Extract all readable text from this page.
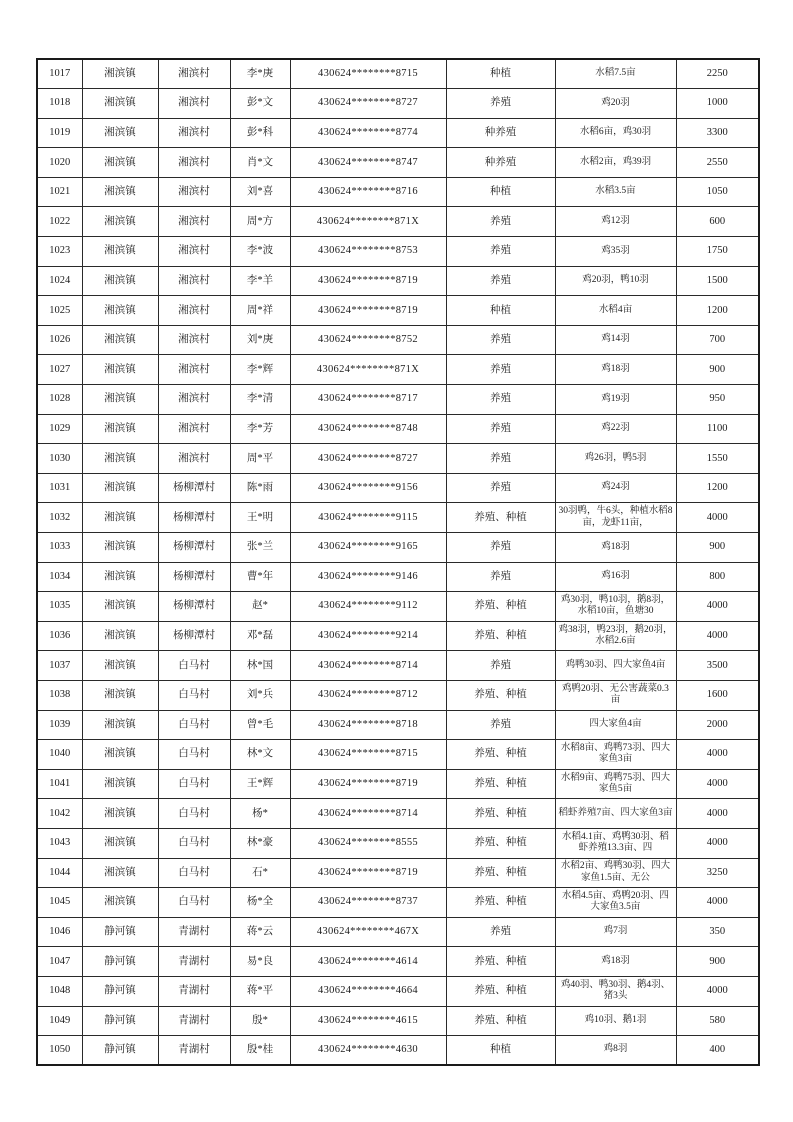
1017	湘滨镇	湘滨村	李*庚	430624********8715	种植	水稻7.5亩	2250
1018	湘滨镇	湘滨村	彭*文	430624********8727	养殖	鸡20羽	1000
1019	湘滨镇	湘滨村	彭*科	430624********8774	种养殖	水稻6亩，鸡30羽	3300
1020	湘滨镇	湘滨村	肖*文	430624********8747	种养殖	水稻2亩，鸡39羽	2550
1021	湘滨镇	湘滨村	刘*喜	430624********8716	种植	水稻3.5亩	1050
1022	湘滨镇	湘滨村	周*方	430624********871X	养殖	鸡12羽	600
1023	湘滨镇	湘滨村	李*波	430624********8753	养殖	鸡35羽	1750
1024	湘滨镇	湘滨村	李*羊	430624********8719	养殖	鸡20羽，鸭10羽	1500
1025	湘滨镇	湘滨村	周*祥	430624********8719	种植	水稻4亩	1200
1026	湘滨镇	湘滨村	刘*庚	430624********8752	养殖	鸡14羽	700
1027	湘滨镇	湘滨村	李*辉	430624********871X	养殖	鸡18羽	900
1028	湘滨镇	湘滨村	李*清	430624********8717	养殖	鸡19羽	950
1029	湘滨镇	湘滨村	李*芳	430624********8748	养殖	鸡22羽	1100
1030	湘滨镇	湘滨村	周*平	430624********8727	养殖	鸡26羽，鸭5羽	1550
1031	湘滨镇	杨柳潭村	陈*雨	430624********9156	养殖	鸡24羽	1200
1032	湘滨镇	杨柳潭村	王*明	430624********9115	养殖、种植	30羽鸭，牛6头，种植水稻8亩，龙虾11亩，	4000
1033	湘滨镇	杨柳潭村	张*兰	430624********9165	养殖	鸡18羽	900
1034	湘滨镇	杨柳潭村	曹*年	430624********9146	养殖	鸡16羽	800
1035	湘滨镇	杨柳潭村	赵*	430624********9112	养殖、种植	鸡30羽，鸭10羽，鹅8羽，水稻10亩，鱼塘30	4000
1036	湘滨镇	杨柳潭村	邓*磊	430624********9214	养殖、种植	鸡38羽，鸭23羽，鹅20羽，水稻2.6亩	4000
1037	湘滨镇	白马村	林*国	430624********8714	养殖	鸡鸭30羽、四大家鱼4亩	3500
1038	湘滨镇	白马村	刘*兵	430624********8712	养殖、种植	鸡鸭20羽、无公害蔬菜0.3亩	1600
1039	湘滨镇	白马村	曾*毛	430624********8718	养殖	四大家鱼4亩	2000
1040	湘滨镇	白马村	林*文	430624********8715	养殖、种植	水稻8亩、鸡鸭73羽、四大家鱼3亩	4000
1041	湘滨镇	白马村	王*辉	430624********8719	养殖、种植	水稻9亩、鸡鸭75羽、四大家鱼5亩	4000
1042	湘滨镇	白马村	杨*	430624********8714	养殖、种植	稻虾养殖7亩、四大家鱼3亩	4000
1043	湘滨镇	白马村	林*豪	430624********8555	养殖、种植	水稻4.1亩、鸡鸭30羽、稻虾养殖13.3亩、四	4000
1044	湘滨镇	白马村	石*	430624********8719	养殖、种植	水稻2亩、鸡鸭30羽、四大家鱼1.5亩、无公	3250
1045	湘滨镇	白马村	杨*全	430624********8737	养殖、种植	水稻4.5亩、鸡鸭20羽、四大家鱼3.5亩	4000
1046	静河镇	青湖村	蒋*云	430624********467X	养殖	鸡7羽	350
1047	静河镇	青湖村	易*良	430624********4614	养殖、种植	鸡18羽	900
1048	静河镇	青湖村	蒋*平	430624********4664	养殖、种植	鸡40羽、鸭30羽、鹅4羽、猪3头	4000
1049	静河镇	青湖村	殷*	430624********4615	养殖、种植	鸡10羽、鹅1羽	580
1050	静河镇	青湖村	殷*桂	430624********4630	种植	鸡8羽	400
